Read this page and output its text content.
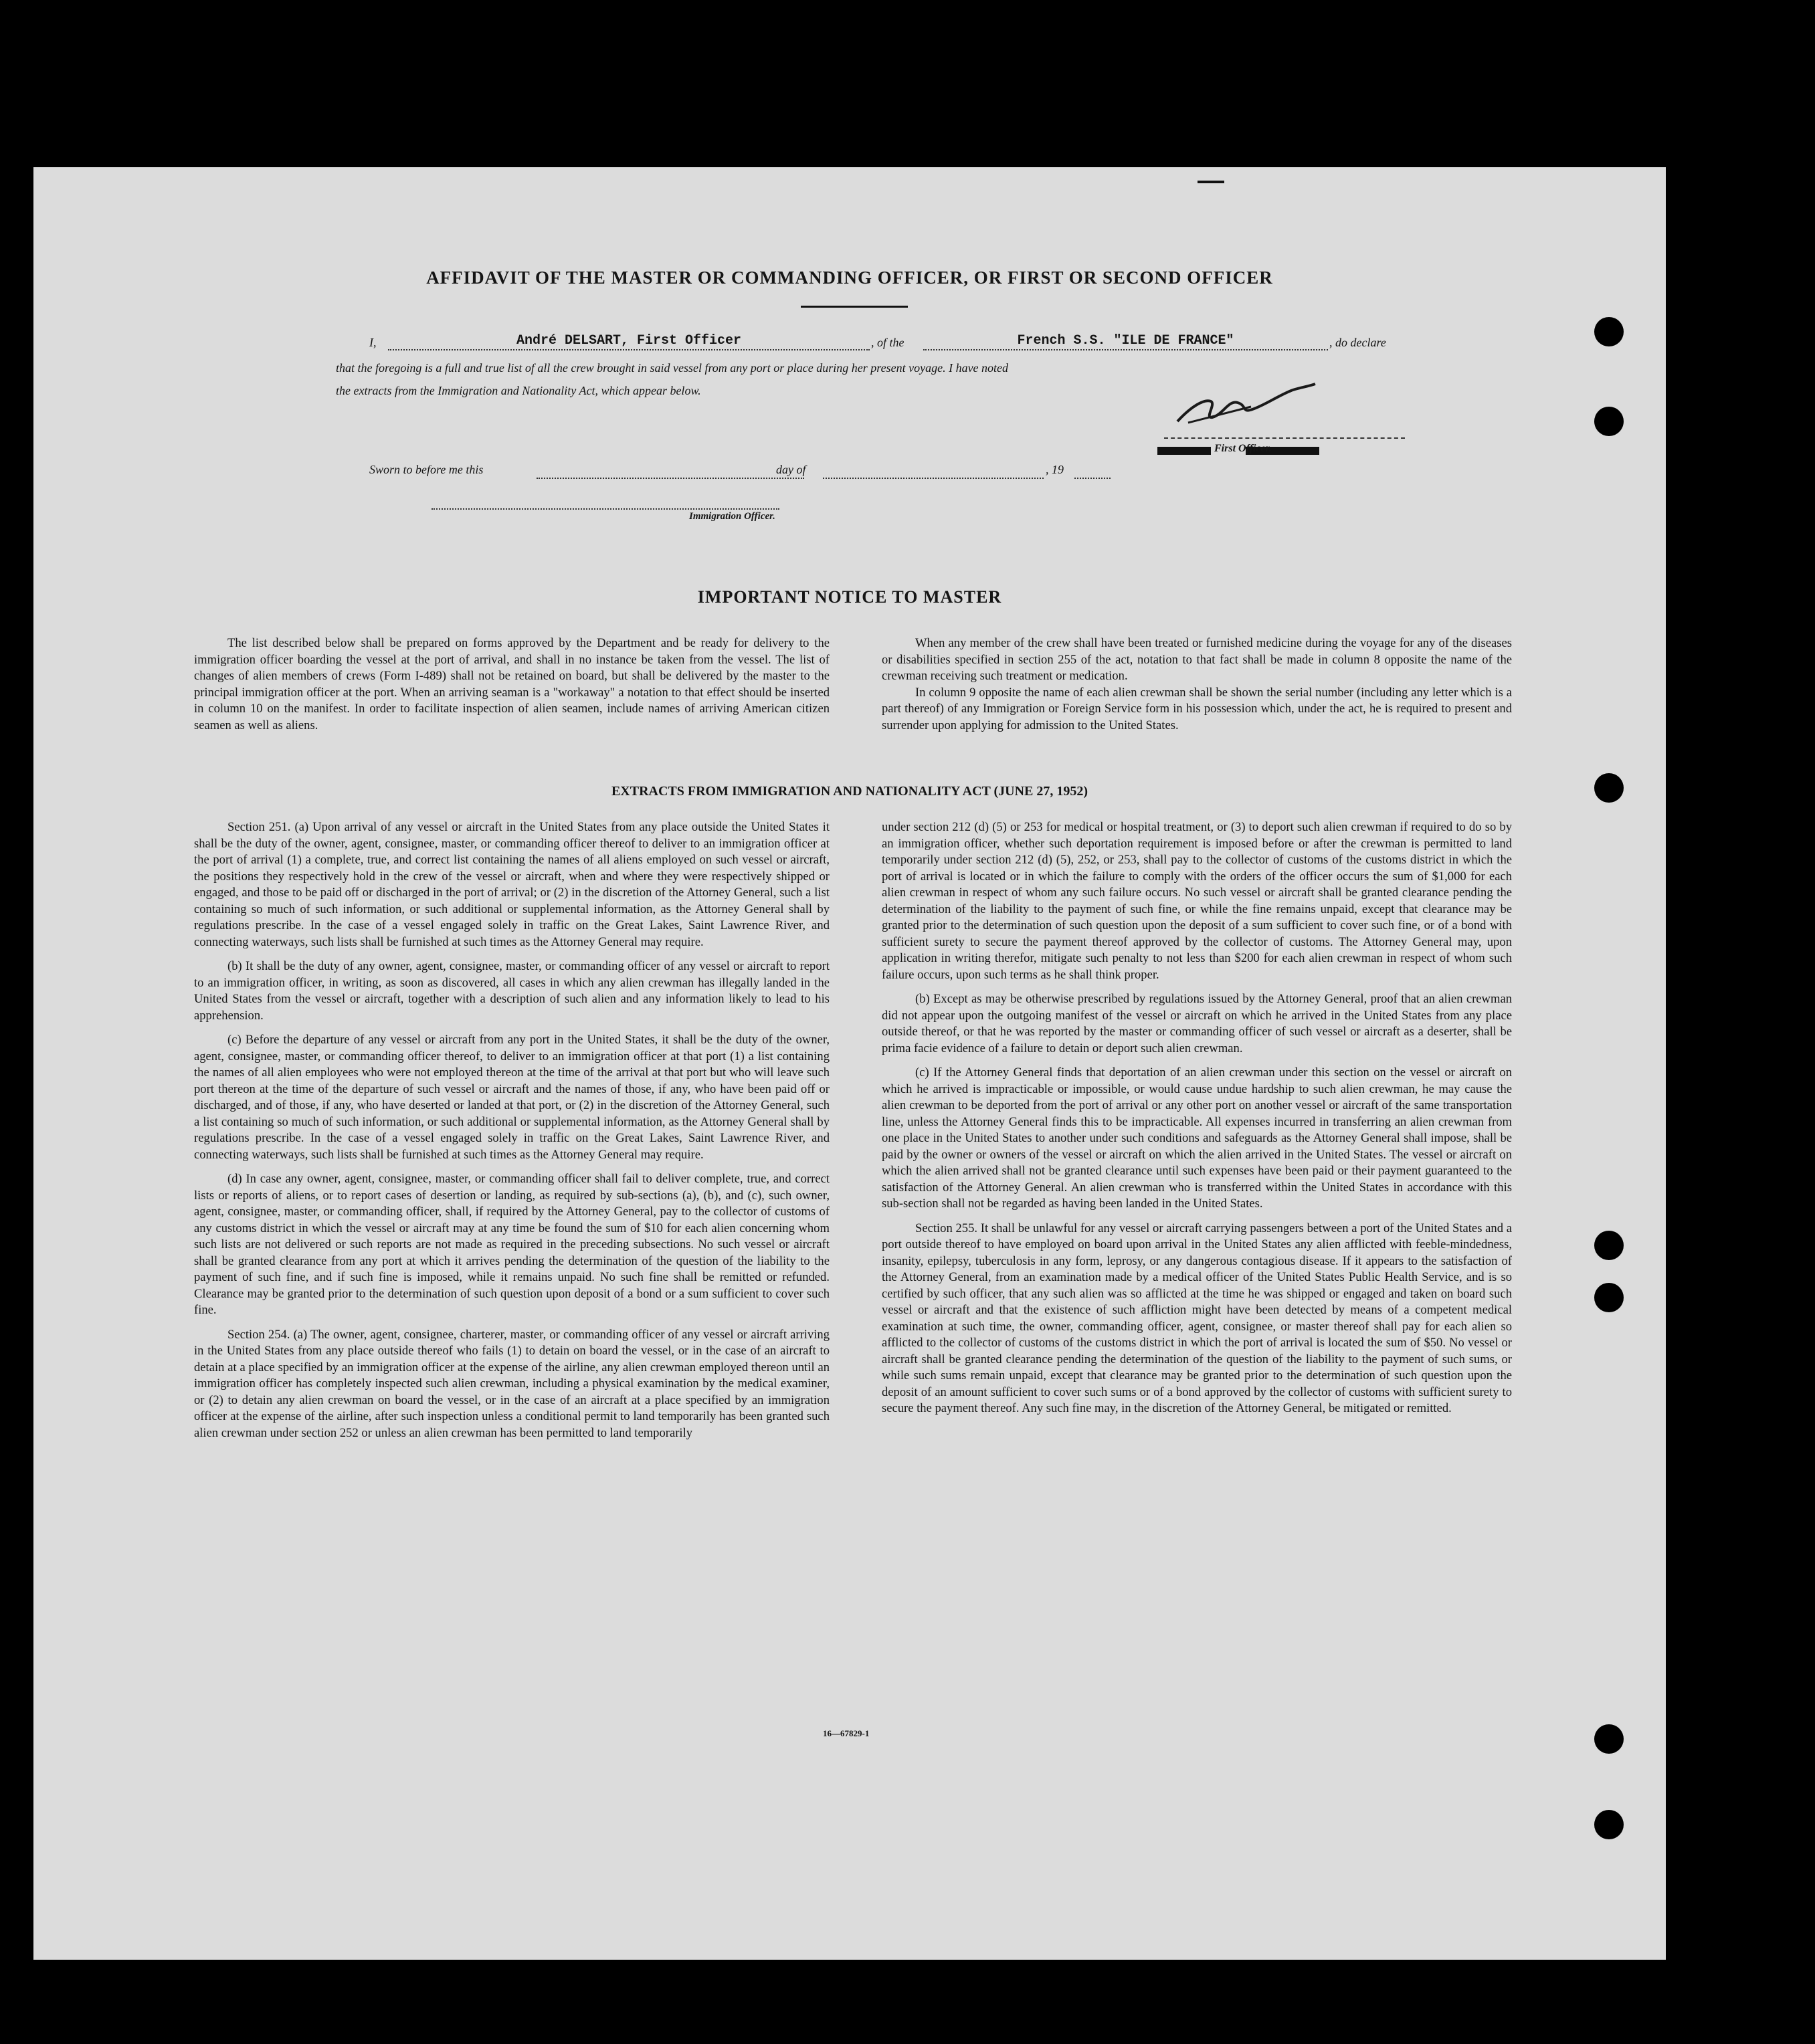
AFFIDAVIT OF THE MASTER OR COMMANDING OFFICER, OR FIRST OR SECOND OFFICER
I,	André DELSART, First Officer	, of the	French S.S. "ILE DE FRANCE"	, do declare
that the foregoing is a full and true list of all the crew brought in said vessel from any port or place during her present voyage. I have noted
the extracts from the Immigration and Nationality Act, which appear below.
First Officer.
Sworn to before me this	day of	, 19
Immigration Officer.
IMPORTANT NOTICE TO MASTER

The list described below shall be prepared on forms approved by the Department and be ready for delivery to the immigration officer boarding the vessel at the port of arrival, and shall in no instance be taken from the vessel. The list of changes of alien members of crews (Form I-489) shall not be retained on board, but shall be delivered by the master to the principal immigration officer at the port. When an arriving seaman is a "workaway" a notation to that effect should be inserted in column 10 on the manifest. In order to facilitate inspection of alien seamen, include names of arriving American citizen seamen as well as aliens.

When any member of the crew shall have been treated or furnished medicine during the voyage for any of the diseases or disabilities specified in section 255 of the act, notation to that fact shall be made in column 8 opposite the name of the crewman receiving such treatment or medication.

In column 9 opposite the name of each alien crewman shall be shown the serial number (including any letter which is a part thereof) of any Immigration or Foreign Service form in his possession which, under the act, he is required to present and surrender upon applying for admission to the United States.

EXTRACTS FROM IMMIGRATION AND NATIONALITY ACT (JUNE 27, 1952)

Section 251. (a) Upon arrival of any vessel or aircraft in the United States from any place outside the United States it shall be the duty of the owner, agent, consignee, master, or commanding officer thereof to deliver to an immigration officer at the port of arrival (1) a complete, true, and correct list containing the names of all aliens employed on such vessel or aircraft, the positions they respectively hold in the crew of the vessel or aircraft, when and where they were respectively shipped or engaged, and those to be paid off or discharged in the port of arrival; or (2) in the discretion of the Attorney General, such a list containing so much of such information, or such additional or supplemental information, as the Attorney General shall by regulations prescribe. In the case of a vessel engaged solely in traffic on the Great Lakes, Saint Lawrence River, and connecting waterways, such lists shall be furnished at such times as the Attorney General may require.

(b) It shall be the duty of any owner, agent, consignee, master, or commanding officer of any vessel or aircraft to report to an immigration officer, in writing, as soon as discovered, all cases in which any alien crewman has illegally landed in the United States from the vessel or aircraft, together with a description of such alien and any information likely to lead to his apprehension.

(c) Before the departure of any vessel or aircraft from any port in the United States, it shall be the duty of the owner, agent, consignee, master, or commanding officer thereof, to deliver to an immigration officer at that port (1) a list containing the names of all alien employees who were not employed thereon at the time of the arrival at that port but who will leave such port thereon at the time of the departure of such vessel or aircraft and the names of those, if any, who have been paid off or discharged, and of those, if any, who have deserted or landed at that port, or (2) in the discretion of the Attorney General, such a list containing so much of such information, or such additional or supplemental information, as the Attorney General shall by regulations prescribe. In the case of a vessel engaged solely in traffic on the Great Lakes, Saint Lawrence River, and connecting waterways, such lists shall be furnished at such times as the Attorney General may require.

(d) In case any owner, agent, consignee, master, or commanding officer shall fail to deliver complete, true, and correct lists or reports of aliens, or to report cases of desertion or landing, as required by sub-sections (a), (b), and (c), such owner, agent, consignee, master, or commanding officer, shall, if required by the Attorney General, pay to the collector of customs of any customs district in which the vessel or aircraft may at any time be found the sum of $10 for each alien concerning whom such lists are not delivered or such reports are not made as required in the preceding subsections. No such vessel or aircraft shall be granted clearance from any port at which it arrives pending the determination of the question of the liability to the payment of such fine, and if such fine is imposed, while it remains unpaid. No such fine shall be remitted or refunded. Clearance may be granted prior to the determination of such question upon deposit of a bond or a sum sufficient to cover such fine.

Section 254. (a) The owner, agent, consignee, charterer, master, or commanding officer of any vessel or aircraft arriving in the United States from any place outside thereof who fails (1) to detain on board the vessel, or in the case of an aircraft to detain at a place specified by an immigration officer at the expense of the airline, any alien crewman employed thereon until an immigration officer has completely inspected such alien crewman, including a physical examination by the medical examiner, or (2) to detain any alien crewman on board the vessel, or in the case of an aircraft at a place specified by an immigration officer at the expense of the airline, after such inspection unless a conditional permit to land temporarily has been granted such alien crewman under section 252 or unless an alien crewman has been permitted to land temporarily

under section 212 (d) (5) or 253 for medical or hospital treatment, or (3) to deport such alien crewman if required to do so by an immigration officer, whether such deportation requirement is imposed before or after the crewman is permitted to land temporarily under section 212 (d) (5), 252, or 253, shall pay to the collector of customs of the customs district in which the port of arrival is located or in which the failure to comply with the orders of the officer occurs the sum of $1,000 for each alien crewman in respect of whom any such failure occurs. No such vessel or aircraft shall be granted clearance pending the determination of the liability to the payment of such fine, or while the fine remains unpaid, except that clearance may be granted prior to the determination of such question upon the deposit of a sum sufficient to cover such fine, or of a bond with sufficient surety to secure the payment thereof approved by the collector of customs. The Attorney General may, upon application in writing therefor, mitigate such penalty to not less than $200 for each alien crewman in respect of whom such failure occurs, upon such terms as he shall think proper.

(b) Except as may be otherwise prescribed by regulations issued by the Attorney General, proof that an alien crewman did not appear upon the outgoing manifest of the vessel or aircraft on which he arrived in the United States from any place outside thereof, or that he was reported by the master or commanding officer of such vessel or aircraft as a deserter, shall be prima facie evidence of a failure to detain or deport such alien crewman.

(c) If the Attorney General finds that deportation of an alien crewman under this section on the vessel or aircraft on which he arrived is impracticable or impossible, or would cause undue hardship to such alien crewman, he may cause the alien crewman to be deported from the port of arrival or any other port on another vessel or aircraft of the same transportation line, unless the Attorney General finds this to be impracticable. All expenses incurred in transferring an alien crewman from one place in the United States to another under such conditions and safeguards as the Attorney General shall impose, shall be paid by the owner or owners of the vessel or aircraft on which the alien arrived in the United States. The vessel or aircraft on which the alien arrived shall not be granted clearance until such expenses have been paid or their payment guaranteed to the satisfaction of the Attorney General. An alien crewman who is transferred within the United States in accordance with this sub-section shall not be regarded as having been landed in the United States.

Section 255. It shall be unlawful for any vessel or aircraft carrying passengers between a port of the United States and a port outside thereof to have employed on board upon arrival in the United States any alien afflicted with feeble-mindedness, insanity, epilepsy, tuberculosis in any form, leprosy, or any dangerous contagious disease. If it appears to the satisfaction of the Attorney General, from an examination made by a medical officer of the United States Public Health Service, and is so certified by such officer, that any such alien was so afflicted at the time he was shipped or engaged and taken on board such vessel or aircraft and that the existence of such affliction might have been detected by means of a competent medical examination at such time, the owner, commanding officer, agent, consignee, or master thereof shall pay for each alien so afflicted to the collector of customs of the customs district in which the port of arrival is located the sum of $50. No vessel or aircraft shall be granted clearance pending the determination of the question of the liability to the payment of such sums, or while such sums remain unpaid, except that clearance may be granted prior to the determination of such question upon the deposit of an amount sufficient to cover such sums or of a bond approved by the collector of customs with sufficient surety to secure the payment thereof. Any such fine may, in the discretion of the Attorney General, be mitigated or remitted.

16—67829-1
